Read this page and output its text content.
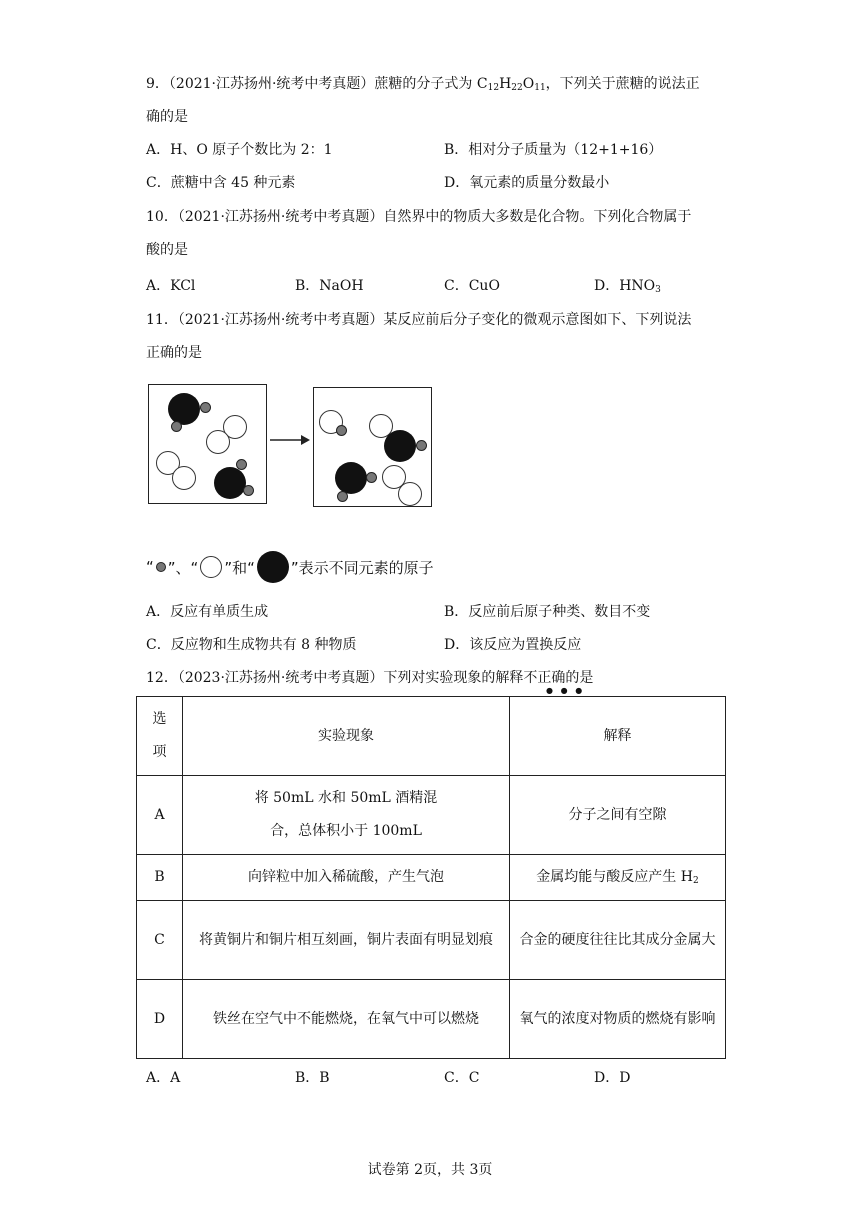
9．（2021·江苏扬州·统考中考真题）蔗糖的分子式为 $C_{12}H_{22}O_{11}$，下列关于蔗糖的说法正
确的是
A．H、O 原子个数比为 2：1	B．相对分子质量为（12+1+16）
C．蔗糖中含 45 种元素	D．氧元素的质量分数最小
10．（2021·江苏扬州·统考中考真题）自然界中的物质大多数是化合物。下列化合物属于
酸的是
A．KCl	B．NaOH	C．CuO	D．$HNO_3$
11．（2021·江苏扬州·统考中考真题）某反应前后分子变化的微观示意图如下、下列说法
正确的是
“ ”、“ ”和“ ”表示不同元素的原子
A．反应有单质生成	B．反应前后原子种类、数目不变
C．反应物和生成物共有 8 种物质	D．该反应为置换反应
12．（2023·江苏扬州·统考中考真题）下列对实验现象的解释不正确的是
●   ●   ●
选项	实验现象	解释
A	将 50mL 水和 50mL 酒精混合，总体积小于 100mL	分子之间有空隙
B	向锌粒中加入稀硫酸，产生气泡	金属均能与酸反应产生 $H_2$
C	将黄铜片和铜片相互刻画，铜片表面有明显划痕	合金的硬度往往比其成分金属大
D	铁丝在空气中不能燃烧，在氧气中可以燃烧	氧气的浓度对物质的燃烧有影响
A．A	B．B	C．C	D．D
试卷第 2页，共 3页
